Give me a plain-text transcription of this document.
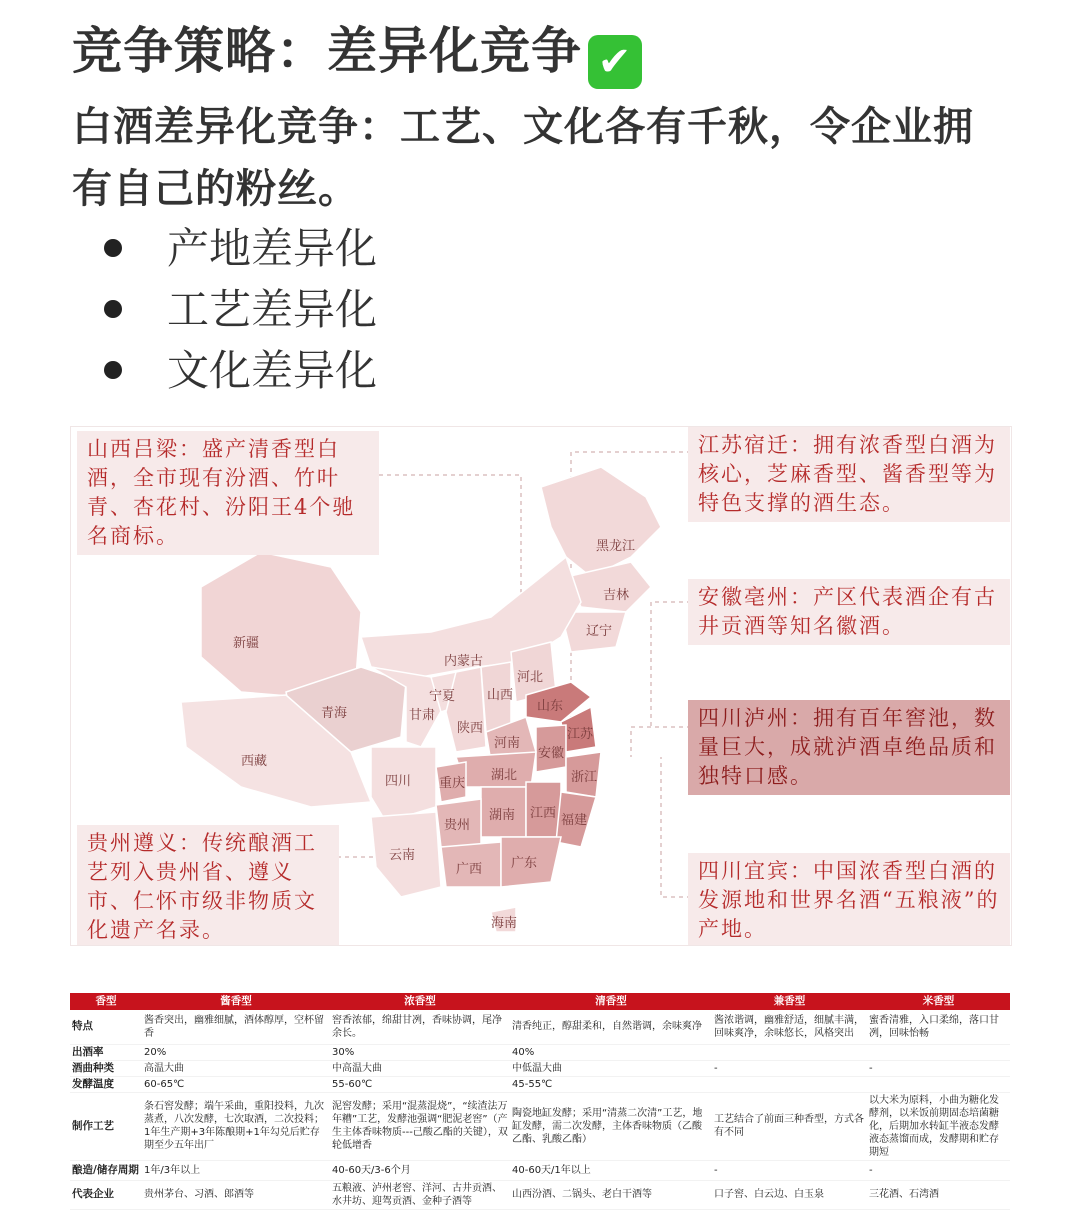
竞争策略：差异化竞争 ✔
白酒差异化竞争：工艺、文化各有千秋，令企业拥有自己的粉丝。
产地差异化
工艺差异化
文化差异化
黑龙江
吉林
辽宁
内蒙古
新疆
青海
西藏
甘肃
宁夏
陕西
山西
河北
山东
河南
江苏
安徽
浙江
湖北
湖南 江西 福建
四川 重庆
贵州
云南
广西 广东
海南
山西吕梁：盛产清香型白酒，全市现有汾酒、竹叶青、杏花村、汾阳王4个驰名商标。
江苏宿迁：拥有浓香型白酒为核心，芝麻香型、酱香型等为特色支撑的酒生态。
安徽亳州：产区代表酒企有古井贡酒等知名徽酒。
四川泸州：拥有百年窖池，数量巨大，成就泸酒卓绝品质和独特口感。
贵州遵义：传统酿酒工艺列入贵州省、遵义市、仁怀市级非物质文化遗产名录。
四川宜宾：中国浓香型白酒的发源地和世界名酒“五粮液”的产地。
香型	酱香型	浓香型	清香型	兼香型	米香型
特点	酱香突出，幽雅细腻，酒体醇厚，空杯留香	窖香浓郁，绵甜甘冽，香味协调，尾净余长。	清香纯正，醇甜柔和，自然谐调，余味爽净	酱浓谐调，幽雅舒适，细腻丰满，回味爽净，余味悠长，风格突出	蜜香清雅，入口柔绵，落口甘冽，回味怡畅
出酒率	20%	30%	40%		
酒曲种类	高温大曲	中高温大曲	中低温大曲	-	-
发酵温度	60-65℃	55-60℃	45-55℃		
制作工艺	条石窖发酵；端午采曲，重阳投料，九次蒸煮，八次发酵，七次取酒，二次投料；1年生产期+3年陈酿期+1年勾兑后贮存期至少五年出厂	泥窖发酵；采用“混蒸混烧”，“续渣法万年糟”工艺，发酵池强调“肥泥老窖”（产生主体香味物质---己酸乙酯的关键），双轮低增香	陶瓷地缸发酵；采用“清蒸二次清”工艺，地缸发酵，需二次发酵，主体香味物质（乙酸乙酯、乳酸乙酯）	工艺结合了前面三种香型，方式各有不同	以大米为原料，小曲为糖化发酵剂，以米饭前期固态培菌糖化，后期加水转缸半液态发酵液态蒸馏而成，发酵期和贮存期短
酿造/储存周期	1年/3年以上	40-60天/3-6个月	40-60天/1年以上	-	-
代表企业	贵州茅台、习酒、郎酒等	五粮液、泸州老窖、洋河、古井贡酒、水井坊、迎驾贡酒、金种子酒等	山西汾酒、二锅头、老白干酒等	口子窖、白云边、白玉泉	三花酒、石湾酒
